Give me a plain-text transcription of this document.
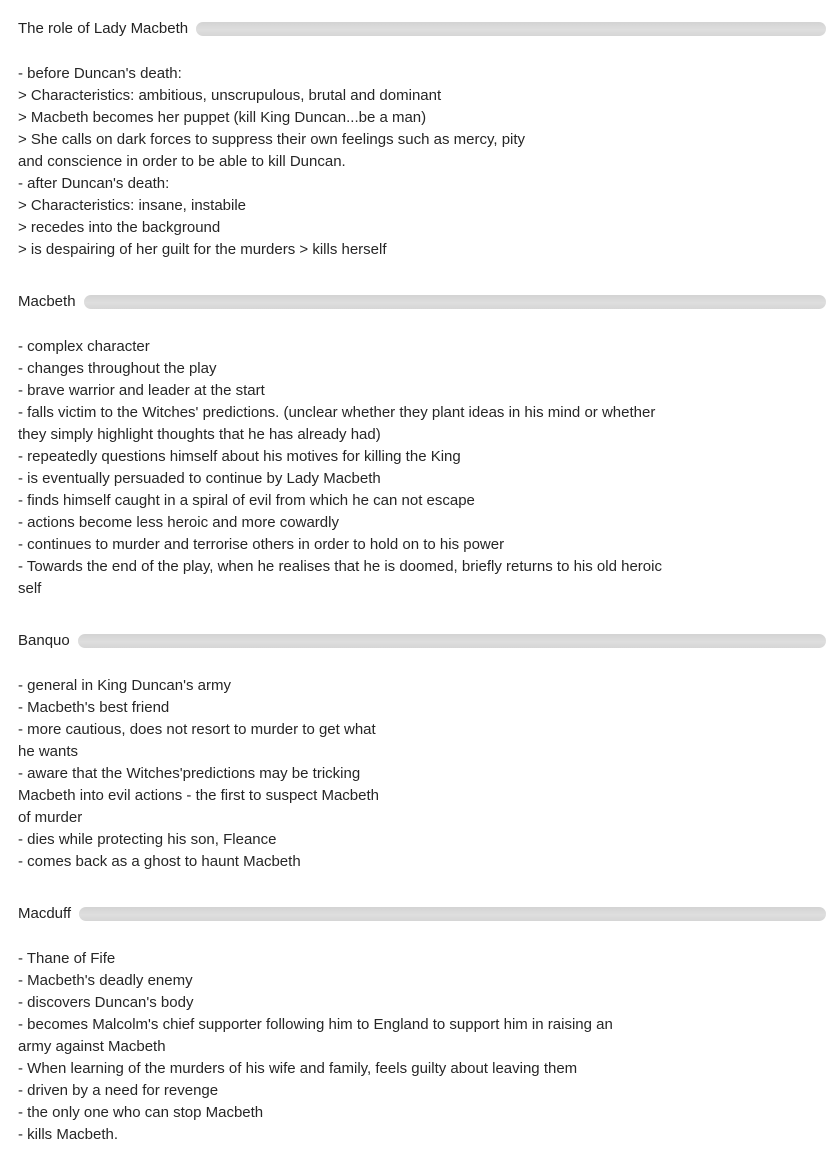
The role of Lady Macbeth
- before Duncan's death:
> Characteristics: ambitious, unscrupulous, brutal and dominant
> Macbeth becomes her puppet (kill King Duncan...be a man)
> She calls on dark forces to suppress their own feelings such as mercy, pity
and conscience in order to be able to kill Duncan.
- after Duncan's death:
> Characteristics: insane, instabile
> recedes into the background
> is despairing of her guilt for the murders > kills herself
Macbeth
- complex character
- changes throughout the play
- brave warrior and leader at the start
- falls victim to the Witches' predictions. (unclear whether they plant ideas in his mind or whether
they simply highlight thoughts that he has already had)
- repeatedly questions himself about his motives for killing the King
- is eventually persuaded to continue by Lady Macbeth
- finds himself caught in a spiral of evil from which he can not escape
- actions become less heroic and more cowardly
- continues to murder and terrorise others in order to hold on to his power
- Towards the end of the play, when he realises that he is doomed, briefly returns to his old heroic
self
Banquo
- general in King Duncan's army
- Macbeth's best friend
- more cautious, does not resort to murder to get what
he wants
- aware that the Witches'predictions may be tricking
Macbeth into evil actions - the first to suspect Macbeth
of murder
- dies while protecting his son, Fleance
- comes back as a ghost to haunt Macbeth
Macduff
- Thane of Fife
- Macbeth's deadly enemy
- discovers Duncan's body
- becomes Malcolm's chief supporter following him to England to support him in raising an
army against Macbeth
- When learning of the murders of his wife and family, feels guilty about leaving them
- driven by a need for revenge
- the only one who can stop Macbeth
- kills Macbeth.
